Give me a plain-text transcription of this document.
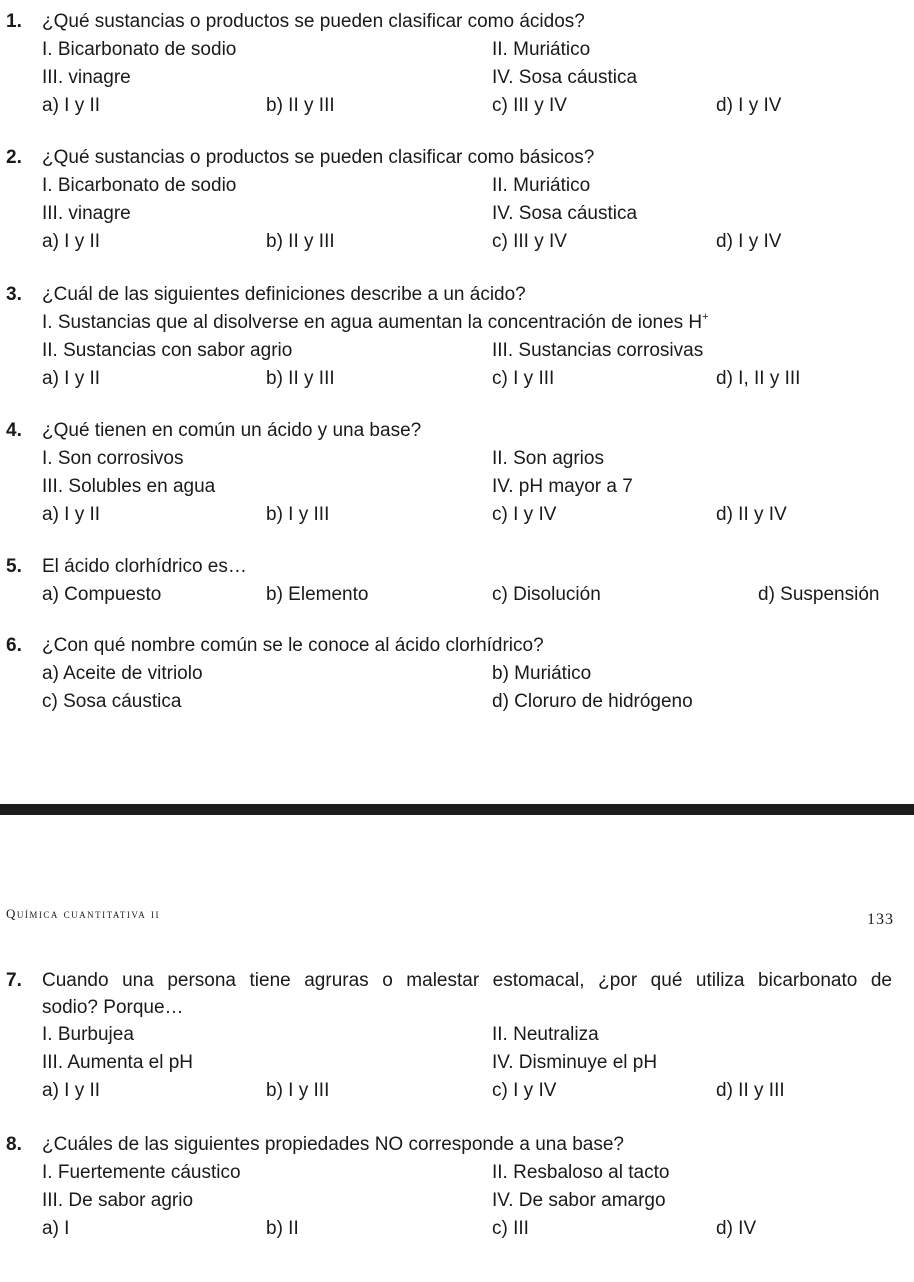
1. ¿Qué sustancias o productos se pueden clasificar como ácidos?
I. Bicarbonato de sodio	II. Muriático
III. vinagre	IV. Sosa cáustica
a) I y II	b) II y III	c) III y IV	d) I y IV
2. ¿Qué sustancias o productos se pueden clasificar como básicos?
I. Bicarbonato de sodio	II. Muriático
III. vinagre	IV. Sosa cáustica
a) I y II	b) II y III	c) III y IV	d) I y IV
3. ¿Cuál de las siguientes definiciones describe a un ácido?
I. Sustancias que al disolverse en agua aumentan la concentración de iones H+
II. Sustancias con sabor agrio	III. Sustancias corrosivas
a) I y II	b) II y III	c) I y III	d) I, II y III
4. ¿Qué tienen en común un ácido y una base?
I. Son corrosivos	II. Son agrios
III. Solubles en agua	IV. pH mayor a 7
a) I y II	b) I y III	c) I y IV	d) II y IV
5. El ácido clorhídrico es…
a) Compuesto	b) Elemento	c) Disolución	d) Suspensión
6. ¿Con qué nombre común se le conoce al ácido clorhídrico?
a) Aceite de vitriolo	b) Muriático
c) Sosa cáustica	d) Cloruro de hidrógeno
Química cuantitativa ii	133
7. Cuando una persona tiene agruras o malestar estomacal, ¿por qué utiliza bicarbonato de
sodio? Porque…
I. Burbujea	II. Neutraliza
III. Aumenta el pH	IV. Disminuye el pH
a) I y II	b) I y III	c) I y IV	d) II y III
8. ¿Cuáles de las siguientes propiedades NO corresponde a una base?
I. Fuertemente cáustico	II. Resbaloso al tacto
III. De sabor agrio	IV. De sabor amargo
a) I	b) II	c) III	d) IV
